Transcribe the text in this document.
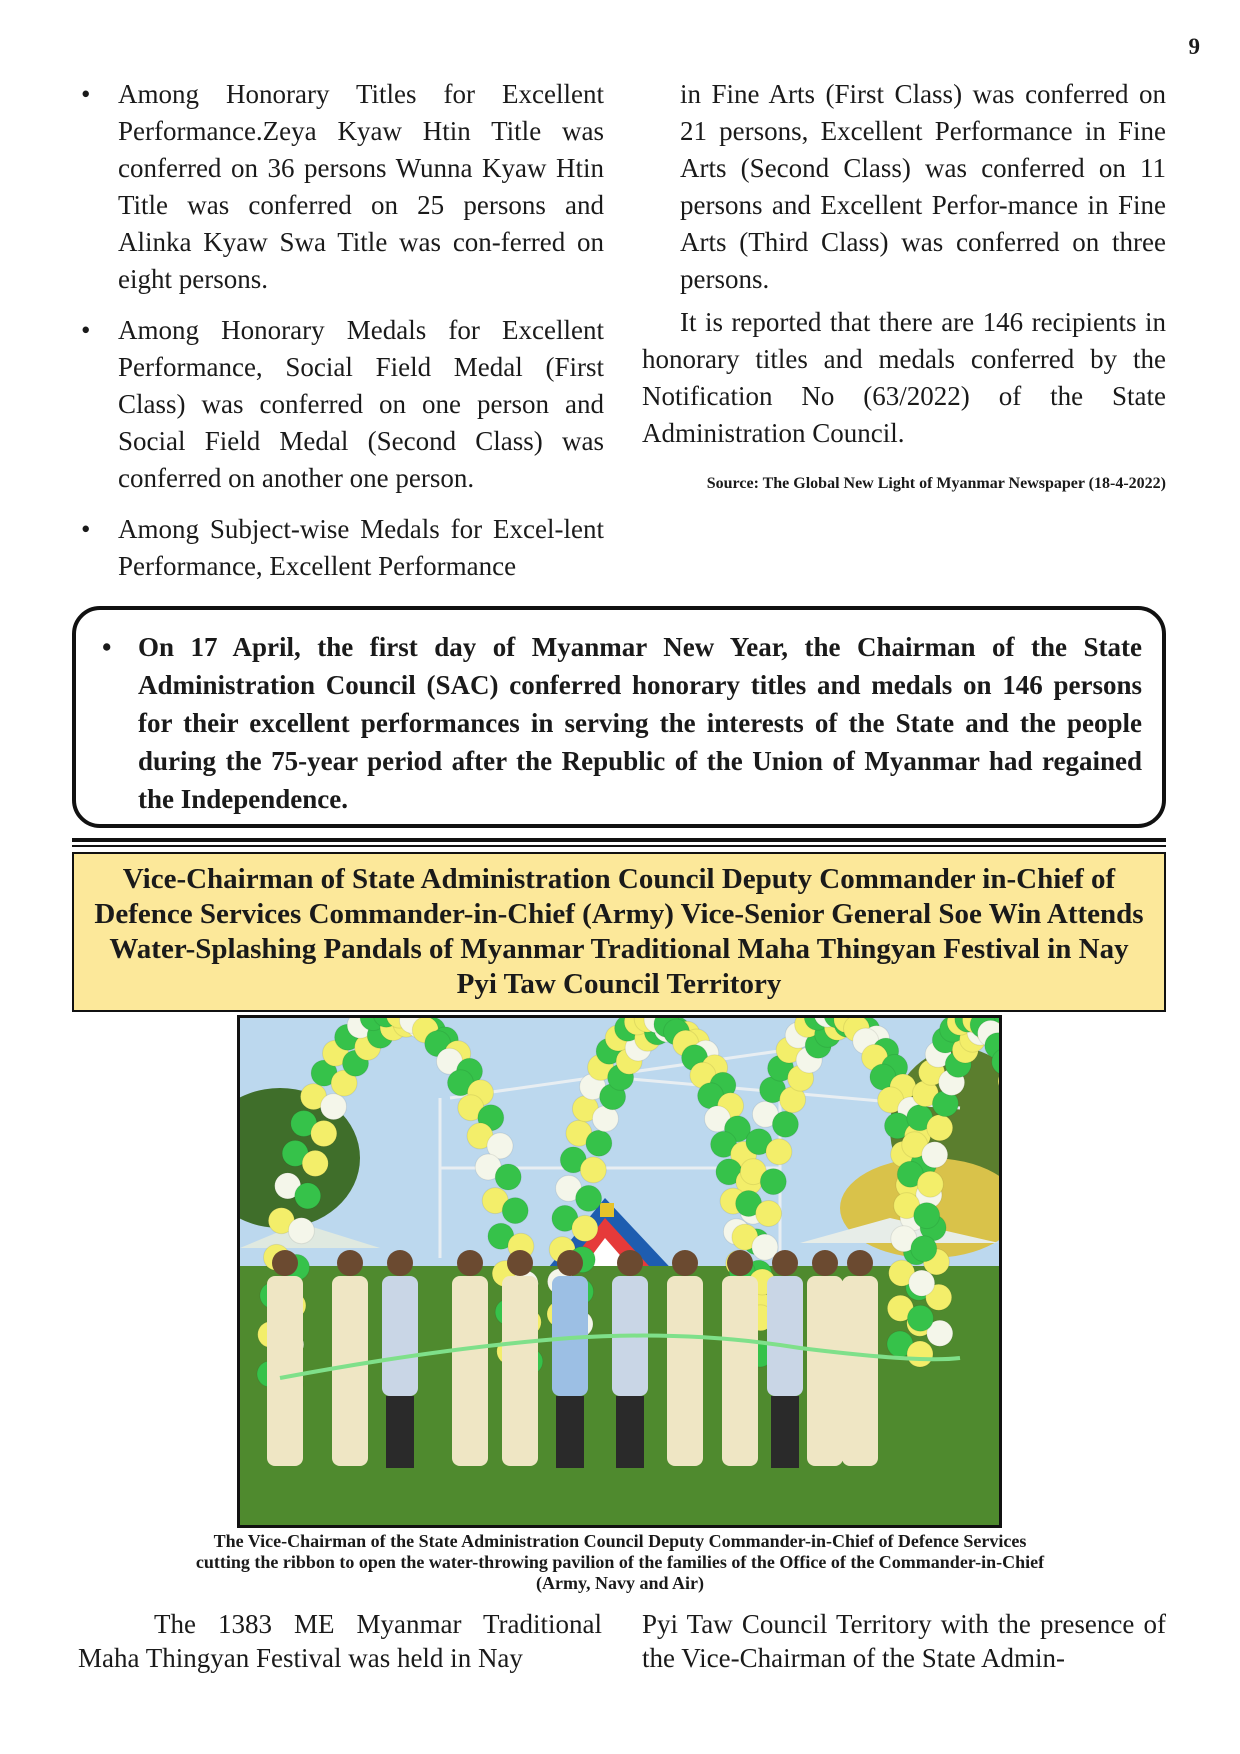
9
• Among Honorary Titles for Excellent Performance.Zeya Kyaw Htin Title was conferred on 36 persons Wunna Kyaw Htin Title was conferred on 25 persons and Alinka Kyaw Swa Title was con-ferred on eight persons.
• Among Honorary Medals for Excellent Performance, Social Field Medal (First Class) was conferred on one person and Social Field Medal (Second Class) was conferred on another one person.
• Among Subject-wise Medals for Excel-lent Performance, Excellent Performance

in Fine Arts (First Class) was conferred on 21 persons, Excellent Performance in Fine Arts (Second Class) was conferred on 11 persons and Excellent Perfor-mance in Fine Arts (Third Class) was conferred on three persons.

It is reported that there are 146 recipients in honorary titles and medals conferred by the Notification No (63/2022) of the State Administration Council.

Source: The Global New Light of Myanmar Newspaper (18-4-2022)
• On 17 April, the first day of Myanmar New Year, the Chairman of the State Administration Council (SAC) conferred honorary titles and medals on 146 persons for their excellent performances in serving the interests of the State and the people during the 75-year period after the Republic of the Union of Myanmar had regained the Independence.
Vice-Chairman of State Administration Council Deputy Commander in-Chief of Defence Services Commander-in-Chief (Army) Vice-Senior General Soe Win Attends Water-Splashing Pandals of Myanmar Traditional Maha Thingyan Festival in Nay Pyi Taw Council Territory
The Vice-Chairman of the State Administration Council Deputy Commander-in-Chief of Defence Services cutting the ribbon to open the water-throwing pavilion of the families of the Office of the Commander-in-Chief (Army, Navy and Air)
The 1383 ME Myanmar Traditional Maha Thingyan Festival was held in Nay
Pyi Taw Council Territory with the presence of the Vice-Chairman of the State Admin-
